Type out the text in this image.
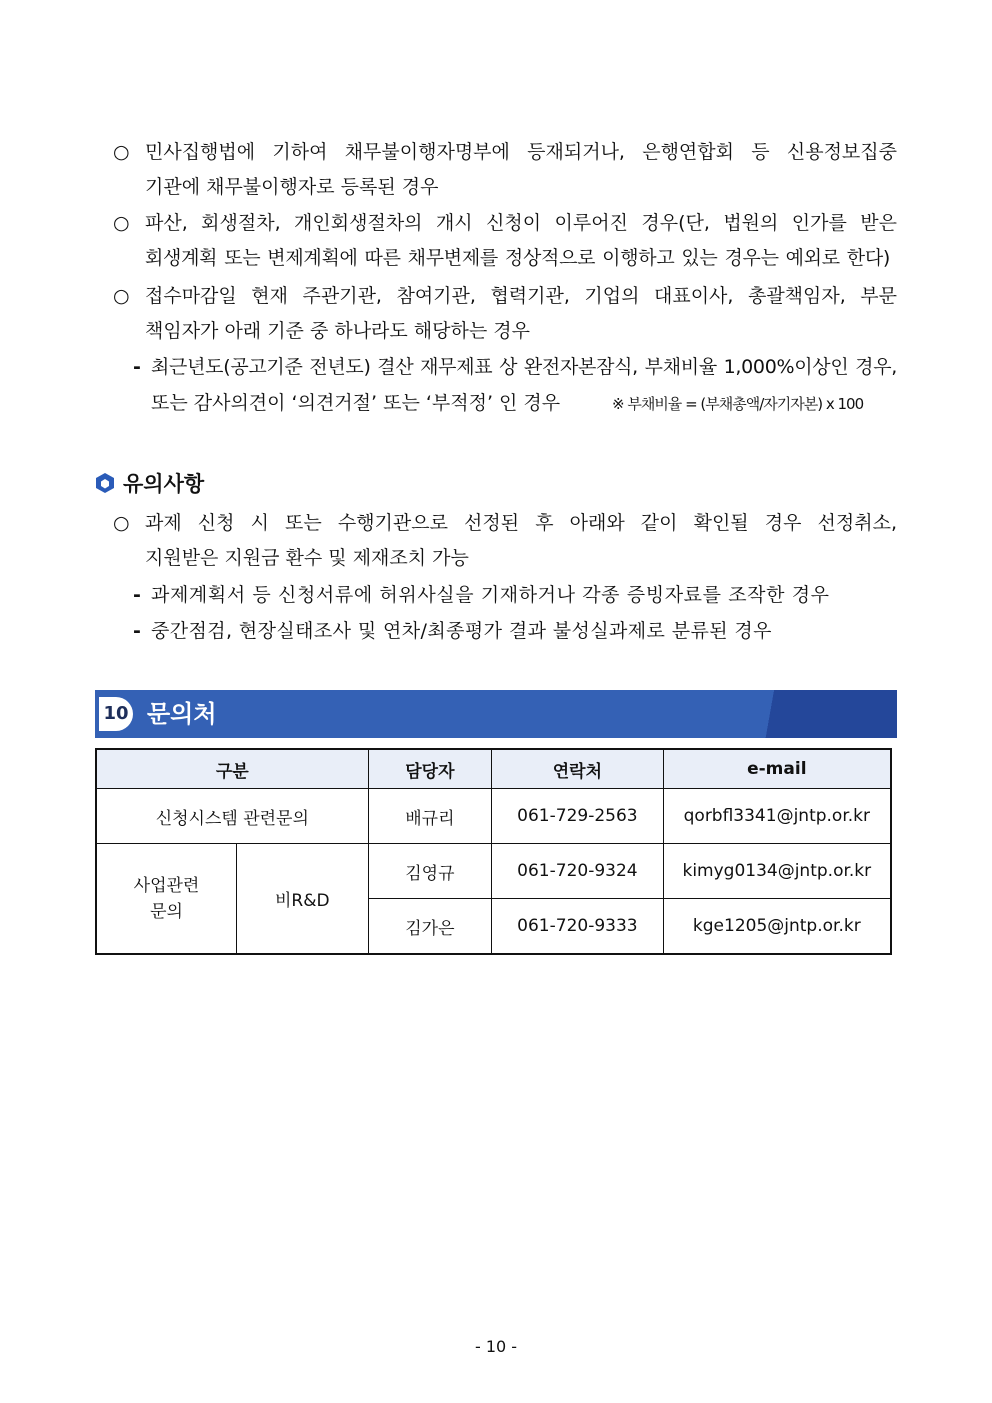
○ 민사집행법에 기하여 채무불이행자명부에 등재되거나, 은행연합회 등 신용정보집중
기관에 채무불이행자로 등록된 경우
○ 파산, 회생절차, 개인회생절차의 개시 신청이 이루어진 경우(단, 법원의 인가를 받은
회생계획 또는 변제계획에 따른 채무변제를 정상적으로 이행하고 있는 경우는 예외로 한다)
○ 접수마감일 현재 주관기관, 참여기관, 협력기관, 기업의 대표이사, 총괄책임자, 부문
책임자가 아래 기준 중 하나라도 해당하는 경우
- 최근년도(공고기준 전년도) 결산 재무제표 상 완전자본잠식, 부채비율 1,000%이상인 경우,
또는 감사의견이 ‘의견거절’ 또는 ‘부적정’ 인 경우	※ 부채비율 = (부채총액/자기자본) x 100
유의사항
○ 과제 신청 시 또는 수행기관으로 선정된 후 아래와 같이 확인될 경우 선정취소,
지원받은 지원금 환수 및 제재조치 가능
- 과제계획서 등 신청서류에 허위사실을 기재하거나 각종 증빙자료를 조작한 경우
- 중간점검, 현장실태조사 및 연차/최종평가 결과 불성실과제로 분류된 경우
10 문의처
구분		담당자	연락처	e-mail
신청시스템 관련문의		배규리	061-729-2563	qorbfl3341@jntp.or.kr
사업관련
문의	비R&D	김영규	061-720-9324	kimyg0134@jntp.or.kr
		김가은	061-720-9333	kge1205@jntp.or.kr
- 10 -
